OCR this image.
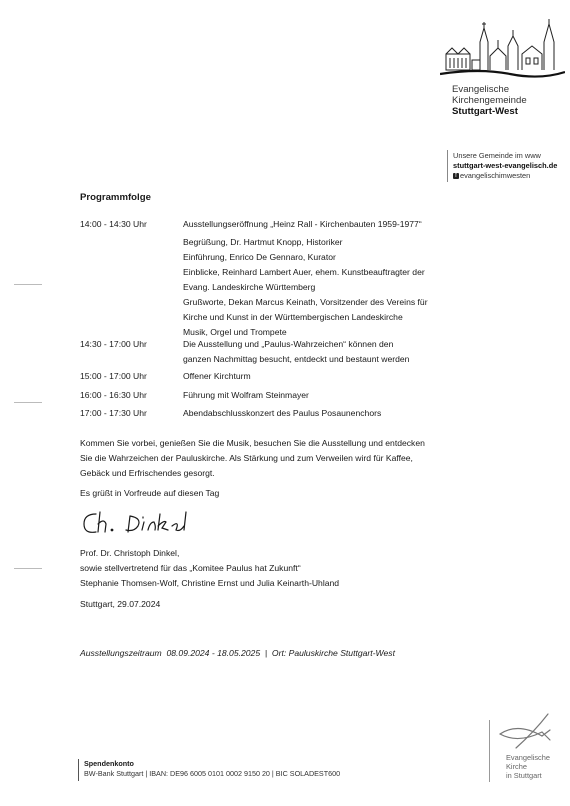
Evangelische
Kirchengemeinde
Stuttgart-West
Unsere Gemeinde im www
stuttgart-west-evangelisch.de
f evangelischimwesten
Programmfolge
14:00 - 14:30 Uhr	Ausstellungseröffnung „Heinz Rall - Kirchenbauten 1959-1977“
Begrüßung, Dr. Hartmut Knopp, Historiker
Einführung, Enrico De Gennaro, Kurator
Einblicke, Reinhard Lambert Auer, ehem. Kunstbeauftragter der
Evang. Landeskirche Württemberg
Grußworte, Dekan Marcus Keinath, Vorsitzender des Vereins für
Kirche und Kunst in der Württembergischen Landeskirche
Musik, Orgel und Trompete
14:30 - 17:00 Uhr	Die Ausstellung und „Paulus-Wahrzeichen“ können den
ganzen Nachmittag besucht, entdeckt und bestaunt werden
15:00 - 17:00 Uhr	Offener Kirchturm
16:00 - 16:30 Uhr	Führung mit Wolfram Steinmayer
17:00 - 17:30 Uhr	Abendabschlusskonzert des Paulus Posaunenchors
Kommen Sie vorbei, genießen Sie die Musik, besuchen Sie die Ausstellung und entdecken
Sie die Wahrzeichen der Pauluskirche. Als Stärkung und zum Verweilen wird für Kaffee,
Gebäck und Erfrischendes gesorgt.
Es grüßt in Vorfreude auf diesen Tag
Prof. Dr. Christoph Dinkel,
sowie stellvertretend für das „Komitee Paulus hat Zukunft“
Stephanie Thomsen-Wolf, Christine Ernst und Julia Keinarth-Uhland
Stuttgart, 29.07.2024
Ausstellungszeitraum  08.09.2024 - 18.05.2025  |  Ort: Pauluskirche Stuttgart-West
Spendenkonto
BW-Bank Stuttgart | IBAN: DE96 6005 0101 0002 9150 20 | BIC SOLADEST600
Evangelische
Kirche
in Stuttgart
